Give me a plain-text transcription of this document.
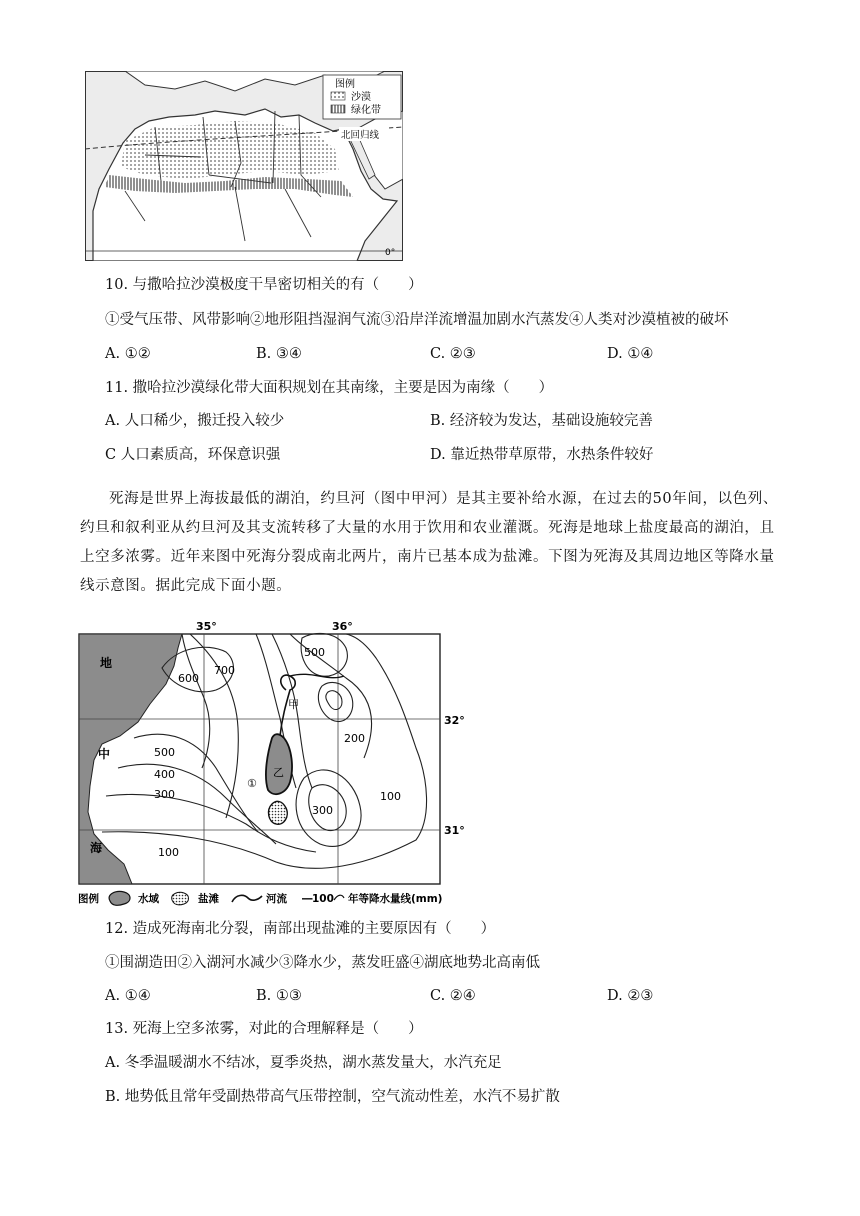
图例
沙漠
绿化带
北回归线
0°
10. 与撒哈拉沙漠极度干旱密切相关的有（　　）
①受气压带、风带影响②地形阻挡湿润气流③沿岸洋流增温加剧水汽蒸发④人类对沙漠植被的破坏
A. ①②	B. ③④	C. ②③	D. ①④
11. 撒哈拉沙漠绿化带大面积规划在其南缘，主要是因为南缘（　　）
A. 人口稀少，搬迁投入较少	B. 经济较为发达，基础设施较完善
C 人口素质高，环保意识强	D. 靠近热带草原带，水热条件较好
死海是世界上海拔最低的湖泊，约旦河（图中甲河）是其主要补给水源，在过去的50年间，以色列、约旦和叙利亚从约旦河及其支流转移了大量的水用于饮用和农业灌溉。死海是地球上盐度最高的湖泊，且上空多浓雾。近年来图中死海分裂成南北两片，南片已基本成为盐滩。下图为死海及其周边地区等降水量线示意图。据此完成下面小题。
35°	36°
32°
31°
地
中
海
700
600
500
500
400
300
300
200
100
100
甲
乙
①
图例	水域	盐滩	河流 ― 100 年等降水量线(mm)
12. 造成死海南北分裂，南部出现盐滩的主要原因有（　　）
①围湖造田②入湖河水减少③降水少，蒸发旺盛④湖底地势北高南低
A. ①④	B. ①③	C. ②④	D. ②③
13. 死海上空多浓雾，对此的合理解释是（　　）
A. 冬季温暖湖水不结冰，夏季炎热，湖水蒸发量大，水汽充足
B. 地势低且常年受副热带高气压带控制，空气流动性差，水汽不易扩散
